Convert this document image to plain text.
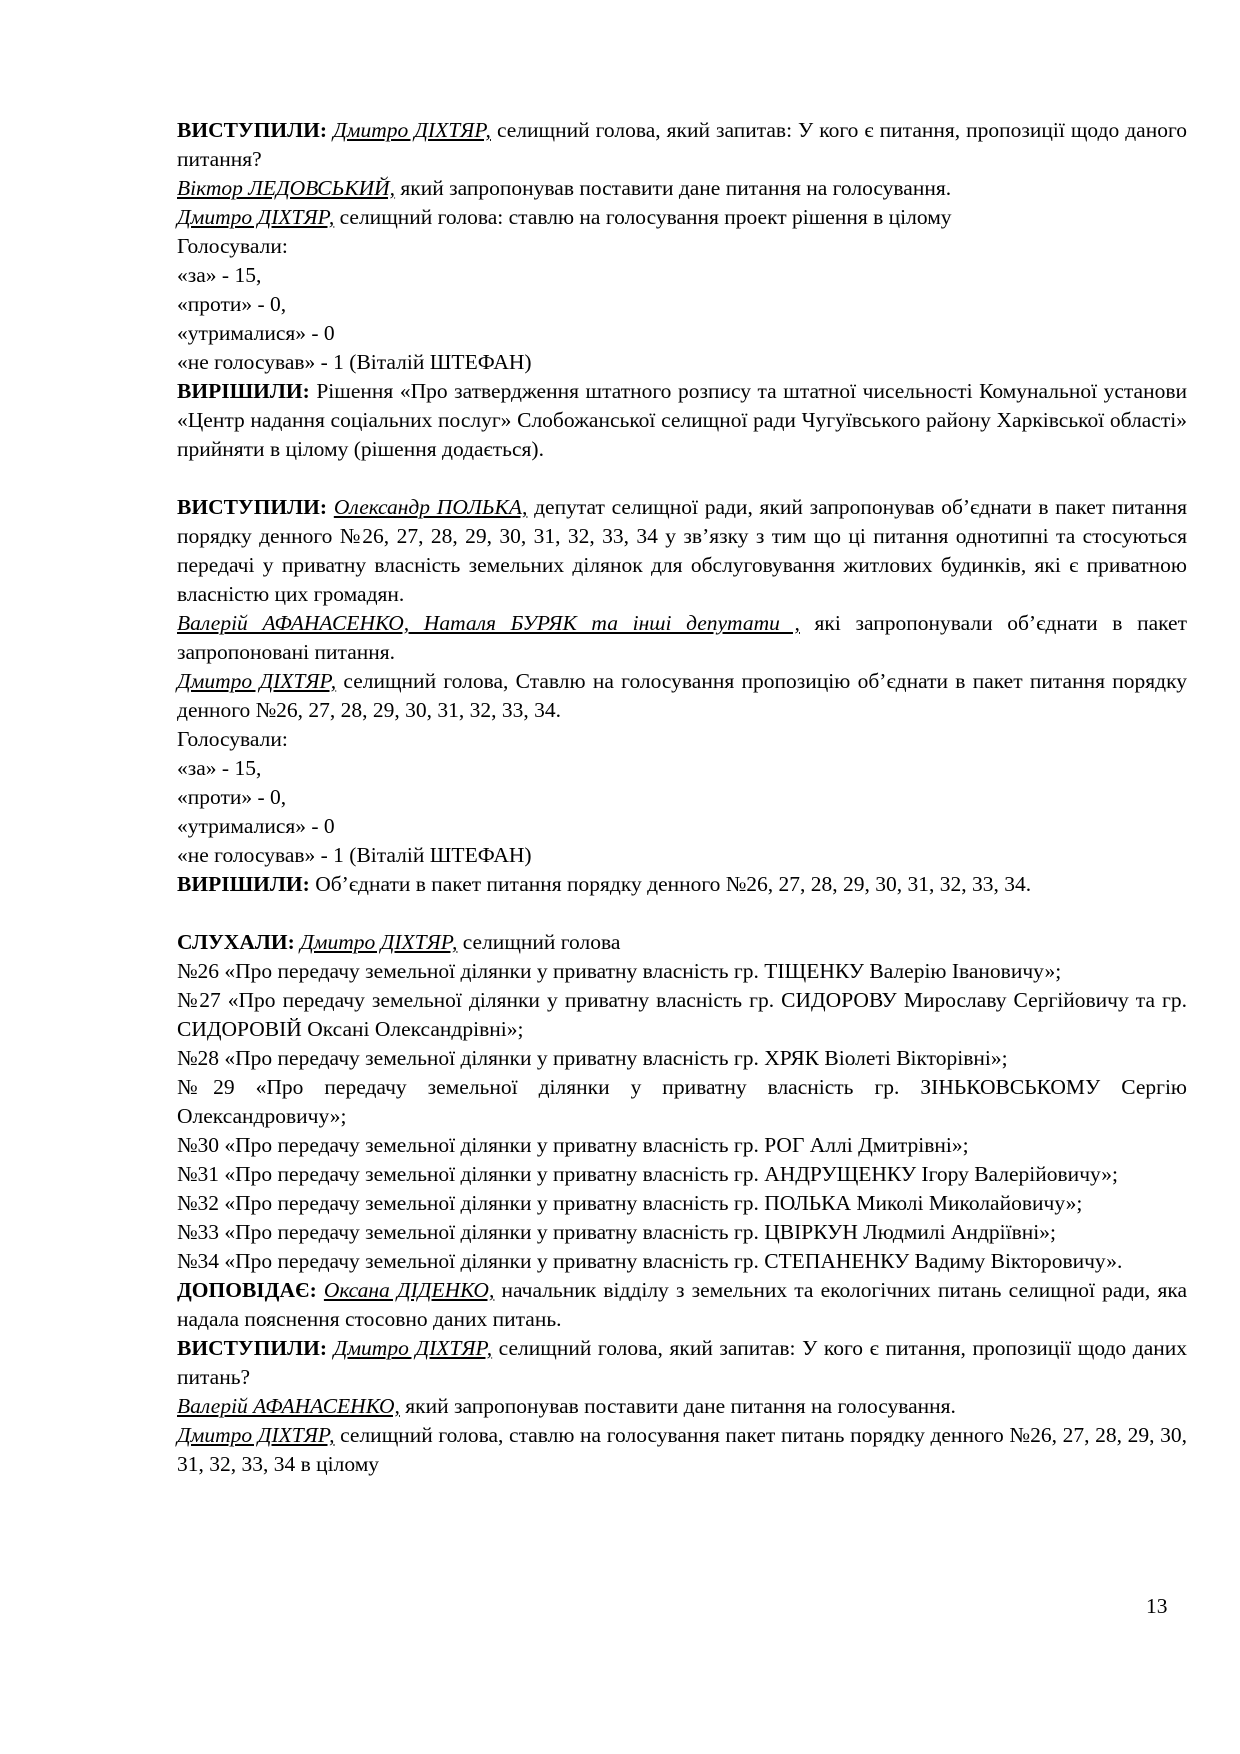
ВИСТУПИЛИ: Дмитро ДІХТЯР, селищний голова, який запитав: У кого є питання, пропозиції щодо даного питання?

Віктор ЛЕДОВСЬКИЙ, який запропонував поставити дане питання на голосування.

Дмитро ДІХТЯР, селищний голова: ставлю на голосування проект рішення в цілому

Голосували:

«за» - 15,

«проти» - 0,

«утрималися» - 0

«не голосував» - 1 (Віталій ШТЕФАН)

ВИРІШИЛИ: Рішення «Про затвердження штатного розпису та штатної чисельності Комунальної установи «Центр надання соціальних послуг» Слобожанської селищної ради Чугуївського району Харківської області» прийняти в цілому (рішення додається).

ВИСТУПИЛИ: Олександр ПОЛЬКА, депутат селищної ради, який запропонував об’єднати в пакет питання порядку денного №26, 27, 28, 29, 30, 31, 32, 33, 34 у зв’язку з тим що ці питання однотипні та стосуються передачі у приватну власність земельних ділянок для обслуговування житлових будинків, які є приватною власністю цих громадян.

Валерій АФАНАСЕНКО, Наталя БУРЯК та інші депутати , які запропонували об’єднати в пакет запропоновані питання.

Дмитро ДІХТЯР, селищний голова, Ставлю на голосування пропозицію об’єднати в пакет питання порядку денного №26, 27, 28, 29, 30, 31, 32, 33, 34.

Голосували:

«за» - 15,

«проти» - 0,

«утрималися» - 0

«не голосував» - 1 (Віталій ШТЕФАН)

ВИРІШИЛИ: Об’єднати в пакет питання порядку денного №26, 27, 28, 29, 30, 31, 32, 33, 34.

СЛУХАЛИ: Дмитро ДІХТЯР, селищний голова

№26 «Про передачу земельної ділянки у приватну власність гр. ТІЩЕНКУ Валерію Івановичу»;

№27 «Про передачу земельної ділянки у приватну власність гр. СИДОРОВУ Мирославу Сергійовичу та гр. СИДОРОВІЙ Оксані Олександрівні»;

№28 «Про передачу земельної ділянки у приватну власність гр. ХРЯК Віолеті Вікторівні»;

№29 «Про передачу земельної ділянки у приватну власність гр. ЗІНЬКОВСЬКОМУ Сергію Олександровичу»;

№30 «Про передачу земельної ділянки у приватну власність гр. РОГ Аллі Дмитрівні»;

№31 «Про передачу земельної ділянки у приватну власність гр. АНДРУЩЕНКУ Ігору Валерійовичу»;

№32 «Про передачу земельної ділянки у приватну власність гр. ПОЛЬКА Миколі Миколайовичу»;

№33 «Про передачу земельної ділянки у приватну власність гр. ЦВІРКУН Людмилі Андріївні»;

№34 «Про передачу земельної ділянки у приватну власність гр. СТЕПАНЕНКУ Вадиму Вікторовичу».

ДОПОВІДАЄ: Оксана ДІДЕНКО, начальник відділу з земельних та екологічних питань селищної ради, яка надала пояснення стосовно даних питань.

ВИСТУПИЛИ: Дмитро ДІХТЯР, селищний голова, який запитав: У кого є питання, пропозиції щодо даних питань?

Валерій АФАНАСЕНКО, який запропонував поставити дане питання на голосування.

Дмитро ДІХТЯР, селищний голова, ставлю на голосування пакет питань порядку денного №26, 27, 28, 29, 30, 31, 32, 33, 34 в цілому

13
